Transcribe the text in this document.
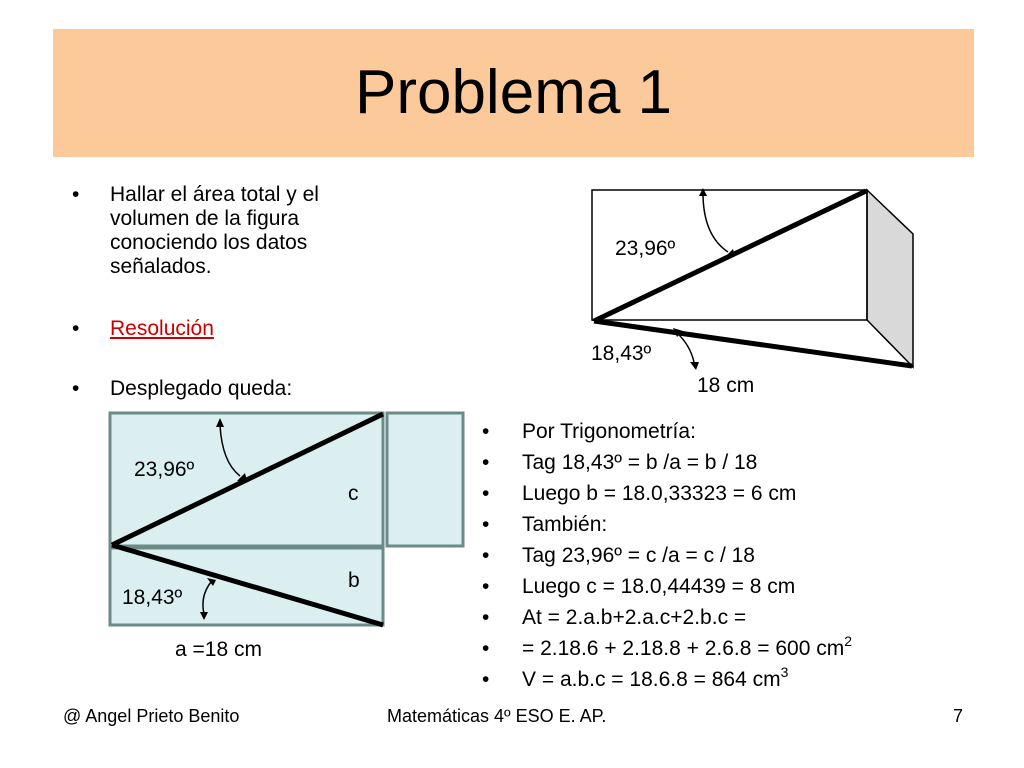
Problema 1
• Hallar el área total y el volumen de la figura conociendo los datos señalados.
• Resolución
• Desplegado queda:
23,96º
18,43º
18 cm
23,96º
c
b
18,43º
a =18 cm
• Por Trigonometría:
• Tag 18,43º = b /a = b / 18
• Luego b = 18.0,33323 = 6 cm
• También:
• Tag 23,96º = c /a = c / 18
• Luego c = 18.0,44439 = 8 cm
• At = 2.a.b+2.a.c+2.b.c =
• = 2.18.6 + 2.18.8 + 2.6.8 = 600 $cm^2$
• V = a.b.c = 18.6.8 = 864 $cm^3$
@ Angel Prieto Benito	Matemáticas 4º ESO E. AP.	7
